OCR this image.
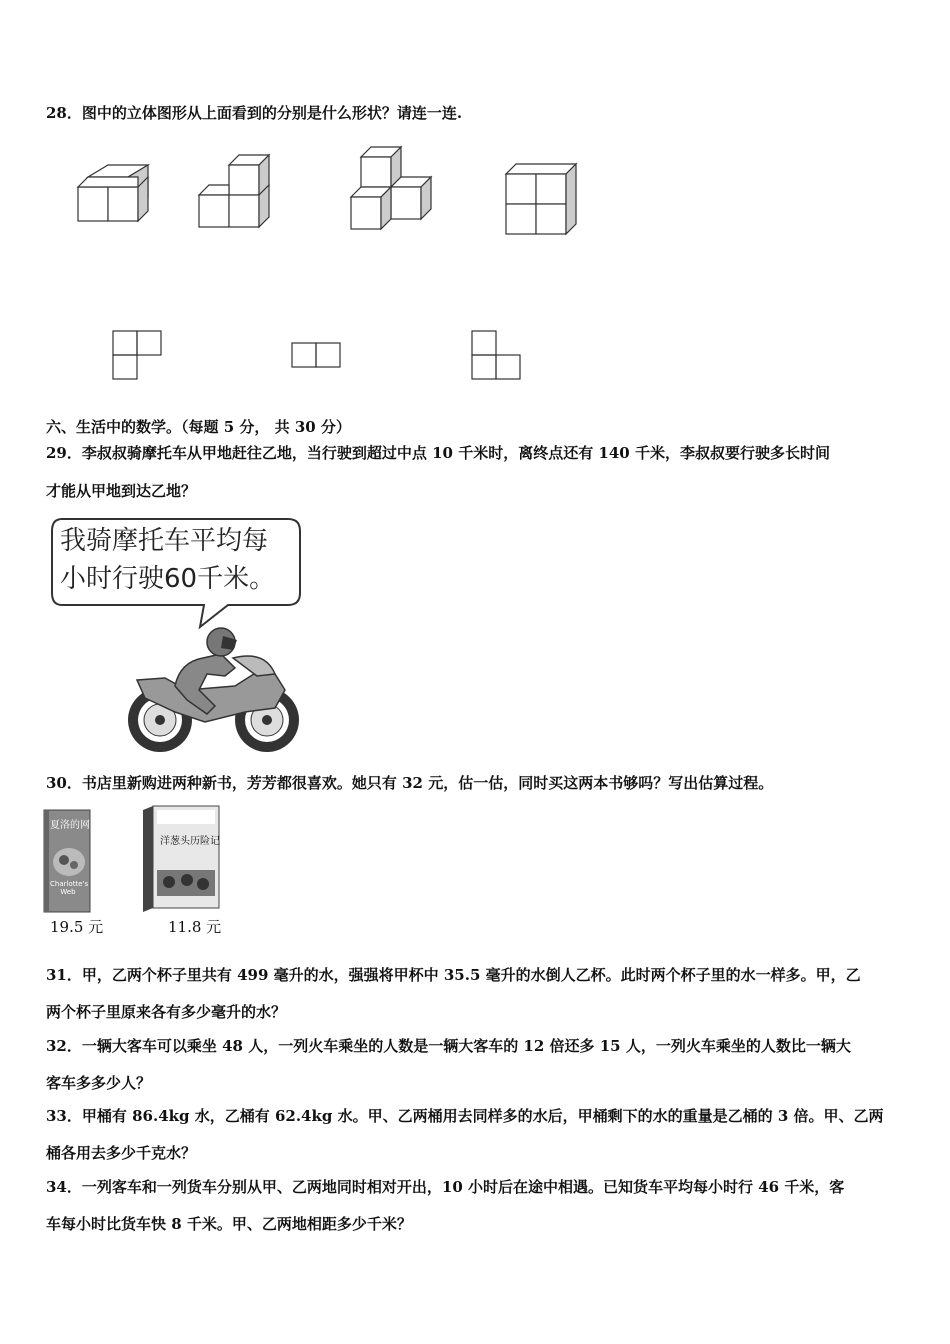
28．图中的立体图形从上面看到的分别是什么形状？请连一连.
六、生活中的数学。（每题 5 分， 共 30 分）
29．李叔叔骑摩托车从甲地赶往乙地，当行驶到超过中点 10 千米时，离终点还有 140 千米，李叔叔要行驶多长时间
才能从甲地到达乙地？
我骑摩托车平均每
小时行驶60千米。
30．书店里新购进两种新书，芳芳都很喜欢。她只有 32 元，估一估，同时买这两本书够吗？写出估算过程。
夏洛的网
Charlotte's Web
洋葱头历险记
19.5 元	11.8 元
31．甲，乙两个杯子里共有 499 毫升的水，强强将甲杯中 35.5 毫升的水倒人乙杯。此时两个杯子里的水一样多。甲，乙
两个杯子里原来各有多少毫升的水？
32．一辆大客车可以乘坐 48 人，一列火车乘坐的人数是一辆大客车的 12 倍还多 15 人，一列火车乘坐的人数比一辆大
客车多多少人？
33．甲桶有 86.4kg 水，乙桶有 62.4kg 水。甲、乙两桶用去同样多的水后，甲桶剩下的水的重量是乙桶的 3 倍。甲、乙两
桶各用去多少千克水？
34．一列客车和一列货车分别从甲、乙两地同时相对开出，10 小时后在途中相遇。已知货车平均每小时行 46 千米，客
车每小时比货车快 8 千米。甲、乙两地相距多少千米？
